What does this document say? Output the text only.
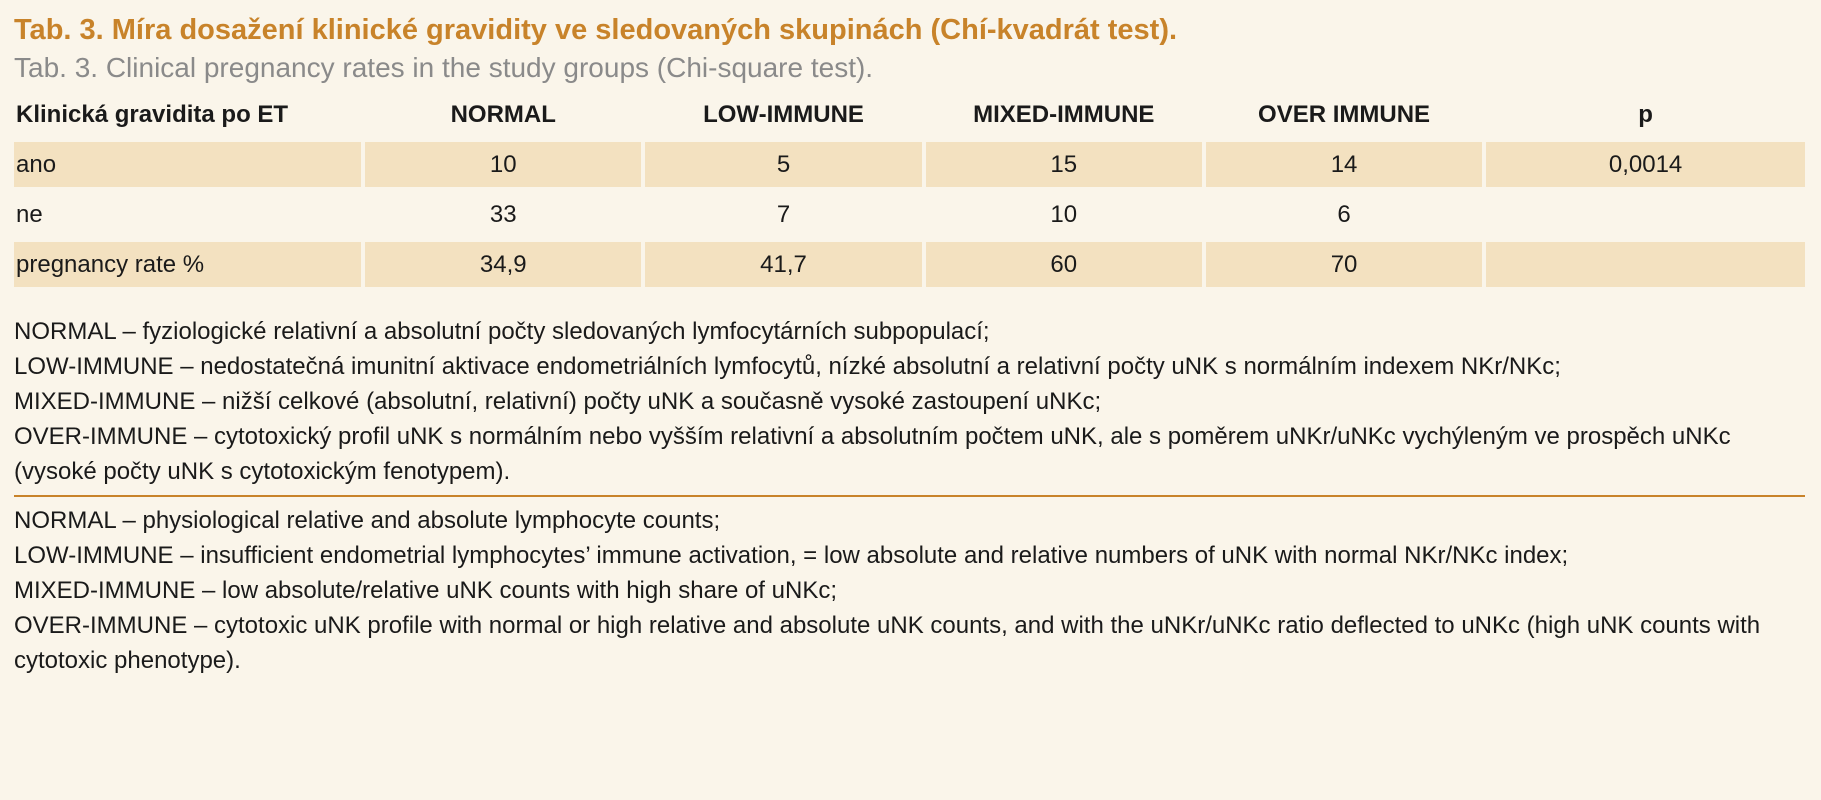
Tab. 3. Míra dosažení klinické gravidity ve sledovaných skupinách (Chí-kvadrát test).
Tab. 3. Clinical pregnancy rates in the study groups (Chi-square test).
Klinická gravidita po ET	NORMAL	LOW-IMMUNE	MIXED-IMMUNE	OVER IMMUNE	p
ano	10	5	15	14	0,0014
ne	33	7	10	6	
pregnancy rate %	34,9	41,7	60	70	

NORMAL – fyziologické relativní a absolutní počty sledovaných lymfocytárních subpopulací;

LOW-IMMUNE – nedostatečná imunitní aktivace endometriálních lymfocytů, nízké absolutní a relativní počty uNK s normálním indexem NKr/NKc;

MIXED-IMMUNE – nižší celkové (absolutní, relativní) počty uNK a současně vysoké zastoupení uNKc;

OVER-IMMUNE – cytotoxický profil uNK s normálním nebo vyšším relativní a absolutním počtem uNK, ale s poměrem uNKr/uNKc vychýleným ve prospěch uNKc (vysoké počty uNK s cytotoxickým fenotypem).

NORMAL – physiological relative and absolute lymphocyte counts;

LOW-IMMUNE – insufficient endometrial lymphocytes’ immune activation, = low absolute and relative numbers of uNK with normal NKr/NKc index;

MIXED-IMMUNE – low absolute/relative uNK counts with high share of uNKc;

OVER-IMMUNE – cytotoxic uNK profile with normal or high relative and absolute uNK counts, and with the uNKr/uNKc ratio deflected to uNKc (high uNK counts with cytotoxic phenotype).
